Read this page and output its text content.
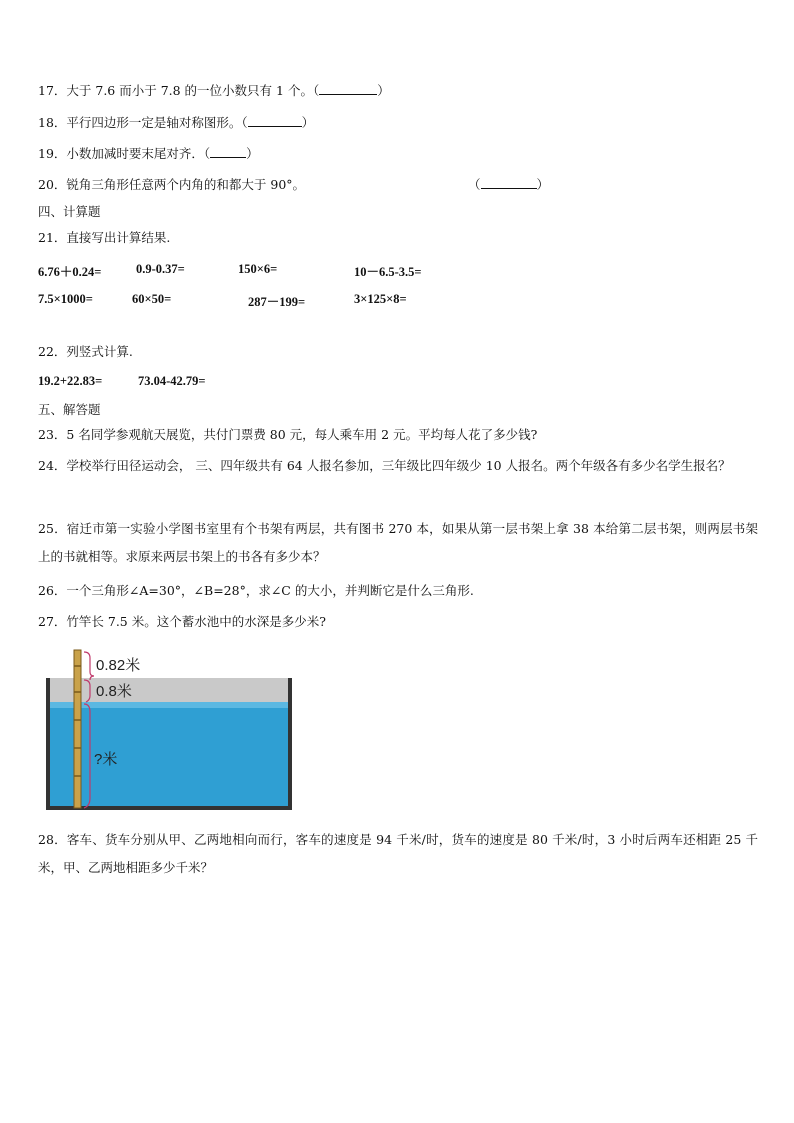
17．大于 7.6 而小于 7.8 的一位小数只有 1 个。（	）
18．平行四边形一定是轴对称图形。（	）
19．小数加减时要末尾对齐．（	）
20．锐角三角形任意两个内角的和都大于 90°。	（	）
四、计算题
21．直接写出计算结果.
6.76＋0.24=	0.9-0.37=	150×6=	10－6.5-3.5=
7.5×1000=	60×50=	287－199=	3×125×8=
22．列竖式计算.
19.2+22.83=	73.04-42.79=
五、解答题
23．5 名同学参观航天展览，共付门票费 80 元，每人乘车用 2 元。平均每人花了多少钱?
24．学校举行田径运动会， 三、四年级共有 64 人报名参加，三年级比四年级少 10 人报名。两个年级各有多少名学生报名？
25．宿迁市第一实验小学图书室里有个书架有两层，共有图书 270 本，如果从第一层书架上拿 38 本给第二层书架，则两层书架上的书就相等。求原来两层书架上的书各有多少本？
26．一个三角形∠A=30°，∠B=28°，求∠C 的大小，并判断它是什么三角形.
27．竹竿长 7.5 米。这个蓄水池中的水深是多少米?
0.82米
0.8米
?米
28．客车、货车分别从甲、乙两地相向而行，客车的速度是 94 千米/时，货车的速度是 80 千米/时，3 小时后两车还相距 25 千米，甲、乙两地相距多少千米？
